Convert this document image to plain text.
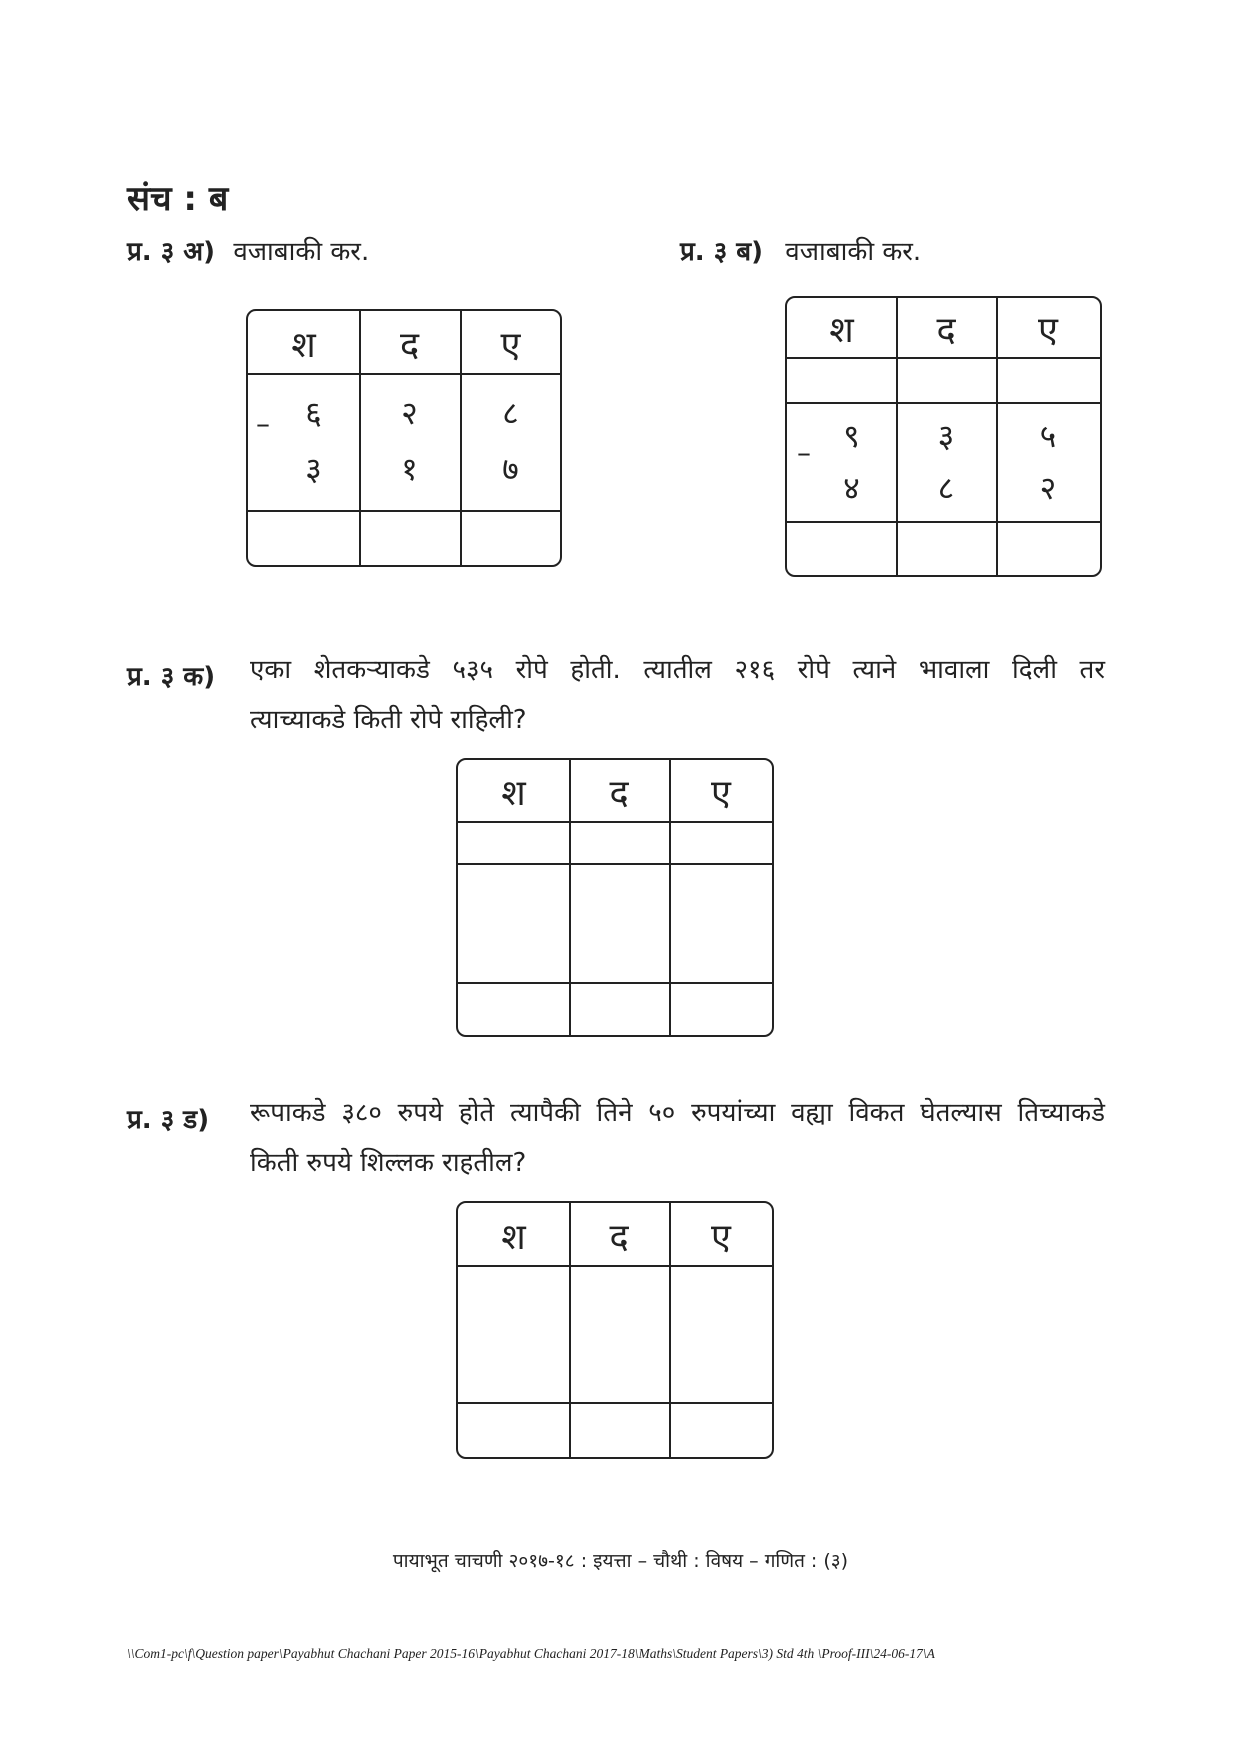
संच : ब
प्र. ३ अ) वजाबाकी कर.	प्र. ३ ब) वजाबाकी कर.
श	द	ए
६	२	८
–
३	१	७
श	द	ए
९	३	५
–
४	८	२
प्र. ३ क) एका शेतकऱ्याकडे ५३५ रोपे होती. त्यातील २१६ रोपे त्याने भावाला दिली तर
त्याच्याकडे किती रोपे राहिली?
श	द	ए
प्र. ३ ड) रूपाकडे ३८० रुपये होते त्यापैकी तिने ५० रुपयांच्या वह्या विकत घेतल्यास तिच्याकडे
किती रुपये शिल्लक राहतील?
श	द	ए
पायाभूत चाचणी २०१७-१८ : इयत्ता – चौथी : विषय – गणित : (३)
\\Com1-pc\f\Question paper\Payabhut Chachani Paper 2015-16\Payabhut Chachani 2017-18\Maths\Student Papers\3) Std 4th \Proof-III\24-06-17\A
